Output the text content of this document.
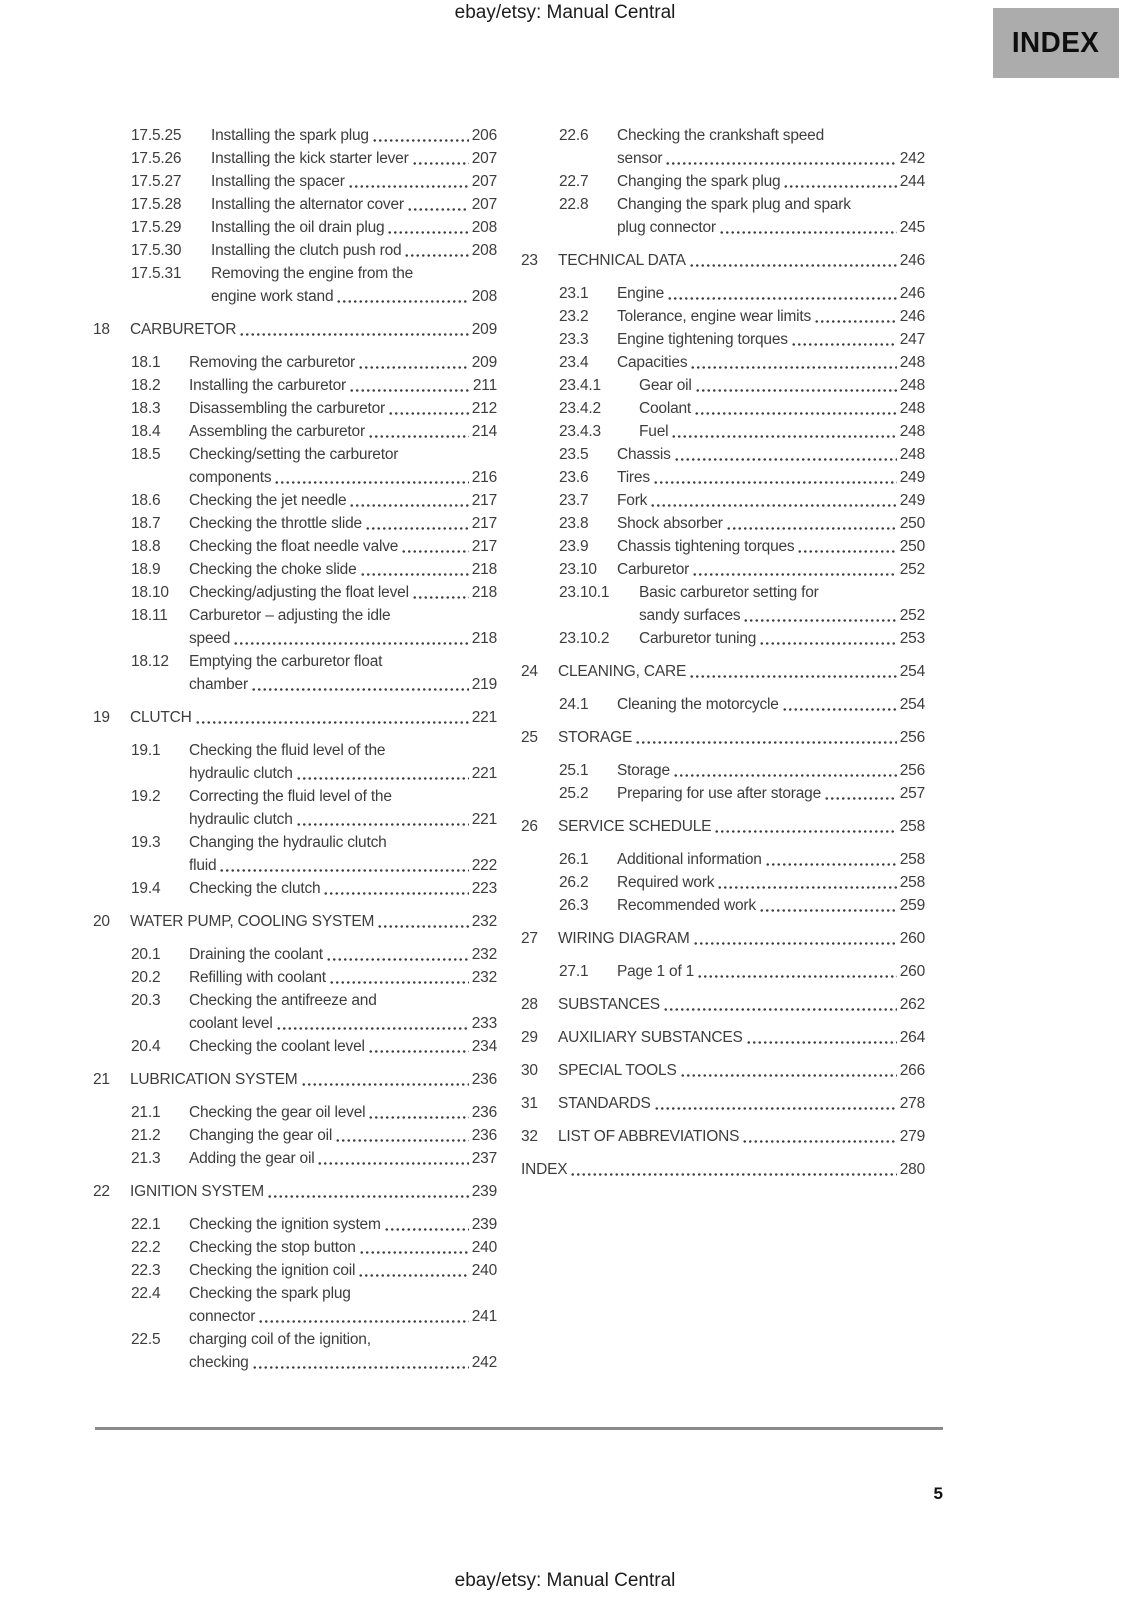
ebay/etsy: Manual Central
INDEX
17.5.25	Installing the spark plug	206
17.5.26	Installing the kick starter lever	207
17.5.27	Installing the spacer	207
17.5.28	Installing the alternator cover	207
17.5.29	Installing the oil drain plug	208
17.5.30	Installing the clutch push rod	208
17.5.31	Removing the engine from the
engine work stand	208
18	CARBURETOR	209
18.1	Removing the carburetor	209
18.2	Installing the carburetor	211
18.3	Disassembling the carburetor	212
18.4	Assembling the carburetor	214
18.5	Checking/setting the carburetor
components	216
18.6	Checking the jet needle	217
18.7	Checking the throttle slide	217
18.8	Checking the float needle valve	217
18.9	Checking the choke slide	218
18.10	Checking/adjusting the float level	218
18.11	Carburetor – adjusting the idle
speed	218
18.12	Emptying the carburetor float
chamber	219
19	CLUTCH	221
19.1	Checking the fluid level of the
hydraulic clutch	221
19.2	Correcting the fluid level of the
hydraulic clutch	221
19.3	Changing the hydraulic clutch
fluid	222
19.4	Checking the clutch	223
20	WATER PUMP, COOLING SYSTEM	232
20.1	Draining the coolant	232
20.2	Refilling with coolant	232
20.3	Checking the antifreeze and
coolant level	233
20.4	Checking the coolant level	234
21	LUBRICATION SYSTEM	236
21.1	Checking the gear oil level	236
21.2	Changing the gear oil	236
21.3	Adding the gear oil	237
22	IGNITION SYSTEM	239
22.1	Checking the ignition system	239
22.2	Checking the stop button	240
22.3	Checking the ignition coil	240
22.4	Checking the spark plug
connector	241
22.5	charging coil of the ignition,
checking	242
22.6	Checking the crankshaft speed
sensor	242
22.7	Changing the spark plug	244
22.8	Changing the spark plug and spark
plug connector	245
23	TECHNICAL DATA	246
23.1	Engine	246
23.2	Tolerance, engine wear limits	246
23.3	Engine tightening torques	247
23.4	Capacities	248
23.4.1	Gear oil	248
23.4.2	Coolant	248
23.4.3	Fuel	248
23.5	Chassis	248
23.6	Tires	249
23.7	Fork	249
23.8	Shock absorber	250
23.9	Chassis tightening torques	250
23.10	Carburetor	252
23.10.1	Basic carburetor setting for
sandy surfaces	252
23.10.2	Carburetor tuning	253
24	CLEANING, CARE	254
24.1	Cleaning the motorcycle	254
25	STORAGE	256
25.1	Storage	256
25.2	Preparing for use after storage	257
26	SERVICE SCHEDULE	258
26.1	Additional information	258
26.2	Required work	258
26.3	Recommended work	259
27	WIRING DIAGRAM	260
27.1	Page 1 of 1	260
28	SUBSTANCES	262
29	AUXILIARY SUBSTANCES	264
30	SPECIAL TOOLS	266
31	STANDARDS	278
32	LIST OF ABBREVIATIONS	279
INDEX	280
5
ebay/etsy: Manual Central
